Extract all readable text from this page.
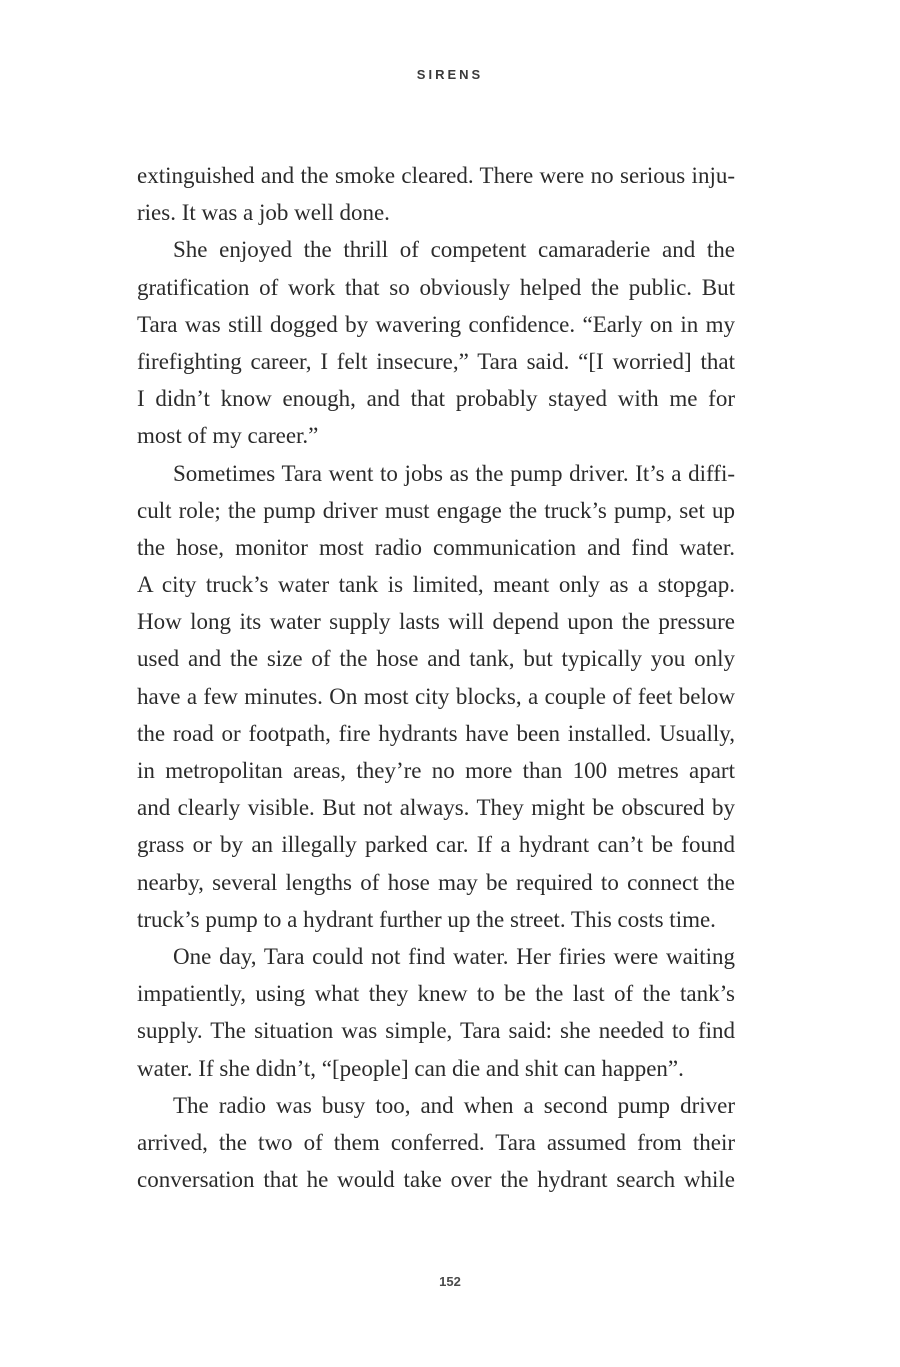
SIRENS
extinguished and the smoke cleared. There were no serious inju-
ries. It was a job well done.
She enjoyed the thrill of competent camaraderie and the
gratification of work that so obviously helped the public. But
Tara was still dogged by wavering confidence. “Early on in my
firefighting career, I felt insecure,” Tara said. “[I worried] that
I didn’t know enough, and that probably stayed with me for
most of my career.”
Sometimes Tara went to jobs as the pump driver. It’s a diffi-
cult role; the pump driver must engage the truck’s pump, set up
the hose, monitor most radio communication and find water.
A city truck’s water tank is limited, meant only as a stopgap.
How long its water supply lasts will depend upon the pressure
used and the size of the hose and tank, but typically you only
have a few minutes. On most city blocks, a couple of feet below
the road or footpath, fire hydrants have been installed. Usually,
in metropolitan areas, they’re no more than 100 metres apart
and clearly visible. But not always. They might be obscured by
grass or by an illegally parked car. If a hydrant can’t be found
nearby, several lengths of hose may be required to connect the
truck’s pump to a hydrant further up the street. This costs time.
One day, Tara could not find water. Her firies were waiting
impatiently, using what they knew to be the last of the tank’s
supply. The situation was simple, Tara said: she needed to find
water. If she didn’t, “[people] can die and shit can happen”.
The radio was busy too, and when a second pump driver
arrived, the two of them conferred. Tara assumed from their
conversation that he would take over the hydrant search while
152
